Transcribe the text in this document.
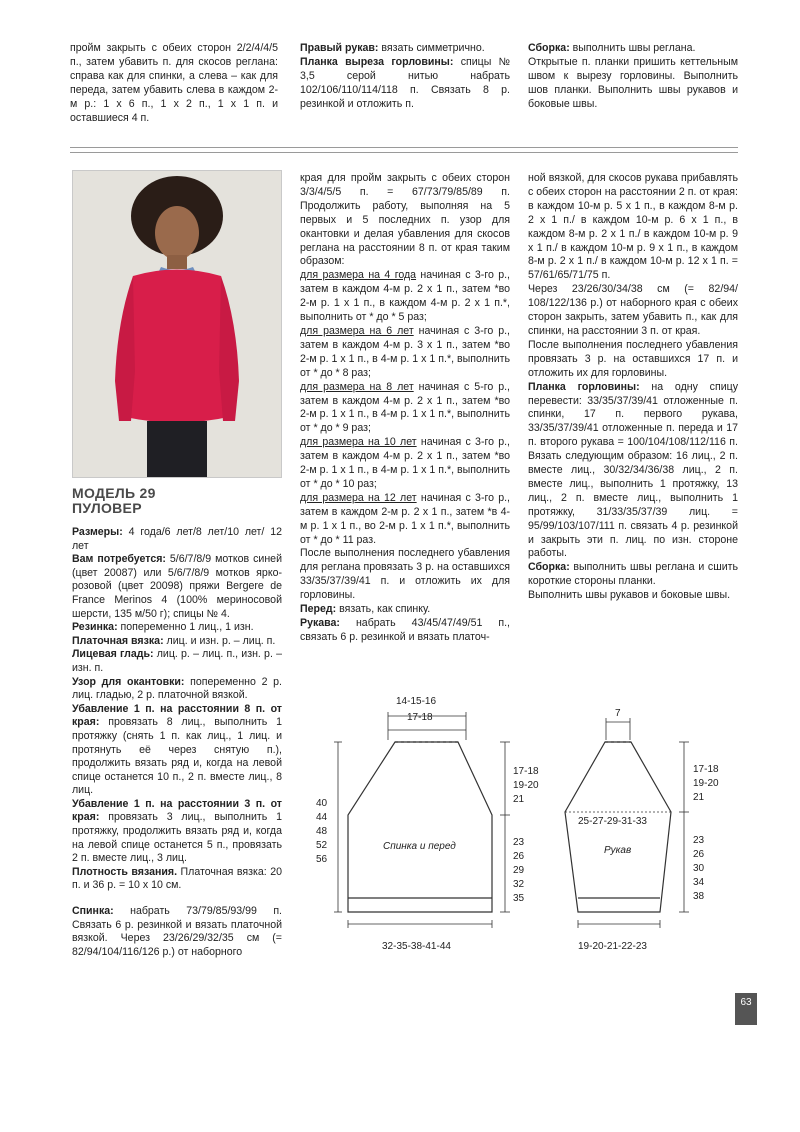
пройм закрыть с обеих сторон 2/2/4/4/5 п., затем убавить п. для скосов реглана: справа как для спинки, а слева – как для переда, затем убавить слева в каждом 2-м р.: 1 х 6 п., 1 х 2 п., 1 х 1 п. и оставшиеся 4 п.

Правый рукав: вязать симметрично.

Планка выреза горловины: спицы № 3,5 серой нитью набрать 102/106/110/114/118 п. Связать 8 р. резинкой и отложить п.

Сборка: выполнить швы реглана.

Открытые п. планки пришить кеттельным швом к вырезу горловины. Выполнить шов планки. Выполнить швы рукавов и боковые швы.

МОДЕЛЬ 29
ПУЛОВЕР

Размеры: 4 года/6 лет/8 лет/10 лет/ 12 лет

Вам потребуется: 5/6/7/8/9 мотков синей (цвет 20087) или 5/6/7/8/9 мотков ярко-розовой (цвет 20098) пряжи Bergere de France Merinos 4 (100% мериносовой шерсти, 135 м/50 г); спицы № 4.

Резинка: попеременно 1 лиц., 1 изн.

Платочная вязка: лиц. и изн. р. – лиц. п.

Лицевая гладь: лиц. р. – лиц. п., изн. р. – изн. п.

Узор для окантовки: попеременно 2 р. лиц. гладью, 2 р. платочной вязкой.

Убавление 1 п. на расстоянии 8 п. от края: провязать 8 лиц., выполнить 1 протяжку (снять 1 п. как лиц., 1 лиц. и протянуть её через снятую п.), продолжить вязать ряд и, когда на левой спице останется 10 п., 2 п. вместе лиц., 8 лиц.

Убавление 1 п. на расстоянии 3 п. от края: провязать 3 лиц., выполнить 1 протяжку, продолжить вязать ряд и, когда на левой спице останется 5 п., провязать 2 п. вместе лиц., 3 лиц.

Плотность вязания. Платочная вязка: 20 п. и 36 р. = 10 х 10 см.

Спинка: набрать 73/79/85/93/99 п. Связать 6 р. резинкой и вязать платочной вязкой. Через 23/26/29/32/35 см (= 82/94/104/116/126 р.) от наборного

края для пройм закрыть с обеих сторон 3/3/4/5/5 п. = 67/73/79/85/89 п. Продолжить работу, выполняя на 5 первых и 5 последних п. узор для окантовки и делая убавления для скосов реглана на расстоянии 8 п. от края таким образом:

для размера на 4 года начиная с 3-го р., затем в каждом 4-м р. 2 х 1 п., затем *во 2-м р. 1 х 1 п., в каждом 4-м р. 2 х 1 п.*, выполнить от * до * 5 раз;

для размера на 6 лет начиная с 3-го р., затем в каждом 4-м р. 3 х 1 п., затем *во 2-м р. 1 х 1 п., в 4-м р. 1 х 1 п.*, выполнить от * до * 8 раз;

для размера на 8 лет начиная с 5-го р., затем в каждом 4-м р. 2 х 1 п., затем *во 2-м р. 1 х 1 п., в 4-м р. 1 х 1 п.*, выполнить от * до * 9 раз;

для размера на 10 лет начиная с 3-го р., затем в каждом 4-м р. 2 х 1 п., затем *во 2-м р. 1 х 1 п., в 4-м р. 1 х 1 п.*, выполнить от * до * 10 раз;

для размера на 12 лет начиная с 3-го р., затем в каждом 2-м р. 2 х 1 п., затем *в 4-м р. 1 х 1 п., во 2-м р. 1 х 1 п.*, выполнить от * до * 11 раз.

После выполнения последнего убавления для реглана провязать 3 р. на оставшихся 33/35/37/39/41 п. и отложить их для горловины.

Перед: вязать, как спинку.

Рукава: набрать 43/45/47/49/51 п., связать 6 р. резинкой и вязать платоч-

ной вязкой, для скосов рукава прибавлять с обеих сторон на расстоянии 2 п. от края: в каждом 10-м р. 5 х 1 п., в каждом 8-м р. 2 х 1 п./ в каждом 10-м р. 6 х 1 п., в каждом 8-м р. 2 х 1 п./ в каждом 10-м р. 9 х 1 п./ в каждом 10-м р. 9 х 1 п., в каждом 8-м р. 2 х 1 п./ в каждом 10-м р. 12 х 1 п. = 57/61/65/71/75 п.

Через 23/26/30/34/38 см (= 82/94/ 108/122/136 р.) от наборного края с обеих сторон закрыть, затем убавить п., как для спинки, на расстоянии 3 п. от края.

После выполнения последнего убавления провязать 3 р. на оставшихся 17 п. и отложить их для горловины.

Планка горловины: на одну спицу перевести: 33/35/37/39/41 отложенные п. спинки, 17 п. первого рукава, 33/35/37/39/41 отложенные п. переда и 17 п. второго рукава = 100/104/108/112/116 п. Вязать следующим образом: 16 лиц., 2 п. вместе лиц., 30/32/34/36/38 лиц., 2 п. вместе лиц., выполнить 1 протяжку, 13 лиц., 2 п. вместе лиц., выполнить 1 протяжку, 31/33/35/37/39 лиц. = 95/99/103/107/111 п. связать 4 р. резинкой и закрыть эти п. лиц. по изн. стороне работы.

Сборка: выполнить швы реглана и сшить короткие стороны планки.

Выполнить швы рукавов и боковые швы.

14-15-16
17-18
Спинка и перед
40
44
48
52
56
17-18
19-20
21
23
26
29
32
35
32-35-38-41-44
7
25-27-29-31-33
Рукав
17-18
19-20
21
23
26
30
34
38
19-20-21-22-23
63
